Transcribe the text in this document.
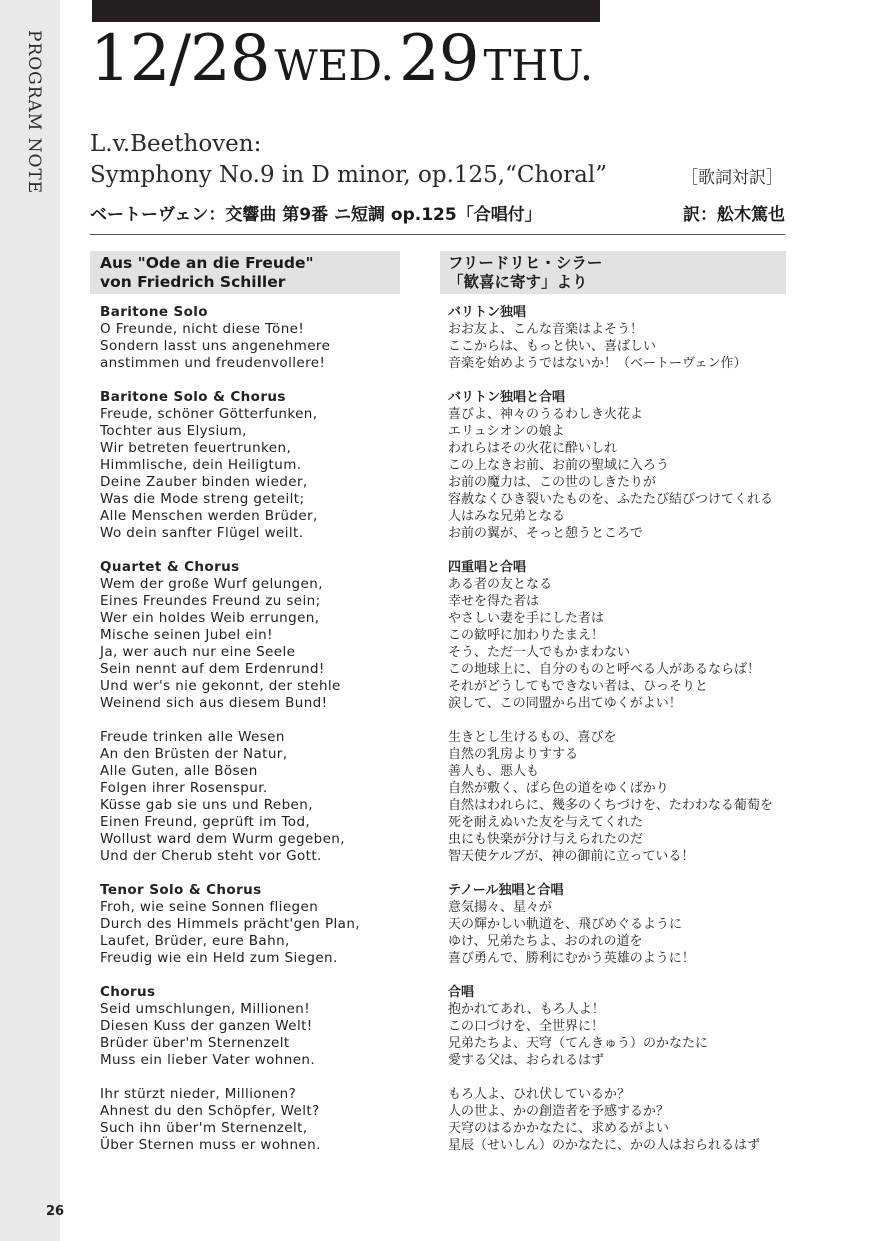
PROGRAM NOTE
26
12/28 WED. 29 THU.
L.v.Beethoven:
Symphony No.9 in D minor, op.125,“Choral”	［歌詞対訳］
ベートーヴェン：交響曲 第9番 ニ短調 op.125「合唱付」	訳：舩木篤也
Aus "Ode an die Freude"
von Friedrich Schiller
フリードリヒ・シラー
「歓喜に寄す」より
Baritone Solo
O Freunde, nicht diese Töne!
Sondern lasst uns angenehmere
anstimmen und freudenvollere!
Baritone Solo & Chorus
Freude, schöner Götterfunken,
Tochter aus Elysium,
Wir betreten feuertrunken,
Himmlische, dein Heiligtum.
Deine Zauber binden wieder,
Was die Mode streng geteilt;
Alle Menschen werden Brüder,
Wo dein sanfter Flügel weilt.
Quartet & Chorus
Wem der große Wurf gelungen,
Eines Freundes Freund zu sein;
Wer ein holdes Weib errungen,
Mische seinen Jubel ein!
Ja, wer auch nur eine Seele
Sein nennt auf dem Erdenrund!
Und wer's nie gekonnt, der stehle
Weinend sich aus diesem Bund!
Freude trinken alle Wesen
An den Brüsten der Natur,
Alle Guten, alle Bösen
Folgen ihrer Rosenspur.
Küsse gab sie uns und Reben,
Einen Freund, geprüft im Tod,
Wollust ward dem Wurm gegeben,
Und der Cherub steht vor Gott.
Tenor Solo & Chorus
Froh, wie seine Sonnen fliegen
Durch des Himmels prächt'gen Plan,
Laufet, Brüder, eure Bahn,
Freudig wie ein Held zum Siegen.
Chorus
Seid umschlungen, Millionen!
Diesen Kuss der ganzen Welt!
Brüder über'm Sternenzelt
Muss ein lieber Vater wohnen.
Ihr stürzt nieder, Millionen?
Ahnest du den Schöpfer, Welt?
Such ihn über'm Sternenzelt,
Über Sternen muss er wohnen.
バリトン独唱
おお友よ、こんな音楽はよそう！
ここからは、もっと快い、喜ばしい
音楽を始めようではないか！（ベートーヴェン作）
バリトン独唱と合唱
喜びよ、神々のうるわしき火花よ
エリュシオンの娘よ
われらはその火花に酔いしれ
この上なきお前、お前の聖域に入ろう
お前の魔力は、この世のしきたりが
容赦なくひき裂いたものを、ふたたび結びつけてくれる
人はみな兄弟となる
お前の翼が、そっと憩うところで
四重唱と合唱
ある者の友となる
幸せを得た者は
やさしい妻を手にした者は
この歓呼に加わりたまえ！
そう、ただ一人でもかまわない
この地球上に、自分のものと呼べる人があるならば！
それがどうしてもできない者は、ひっそりと
涙して、この同盟から出てゆくがよい！
生きとし生けるもの、喜びを
自然の乳房よりすする
善人も、悪人も
自然が敷く、ばら色の道をゆくばかり
自然はわれらに、幾多のくちづけを、たわわなる葡萄を
死を耐えぬいた友を与えてくれた
虫にも快楽が分け与えられたのだ
智天使ケルブが、神の御前に立っている！
テノール独唱と合唱
意気揚々、星々が
天の輝かしい軌道を、飛びめぐるように
ゆけ、兄弟たちよ、おのれの道を
喜び勇んで、勝利にむかう英雄のように！
合唱
抱かれてあれ、もろ人よ！
この口づけを、全世界に！
兄弟たちよ、天穹（てんきゅう）のかなたに
愛する父は、おられるはず
もろ人よ、ひれ伏しているか？
人の世よ、かの創造者を予感するか？
天穹のはるかかなたに、求めるがよい
星辰（せいしん）のかなたに、かの人はおられるはず
